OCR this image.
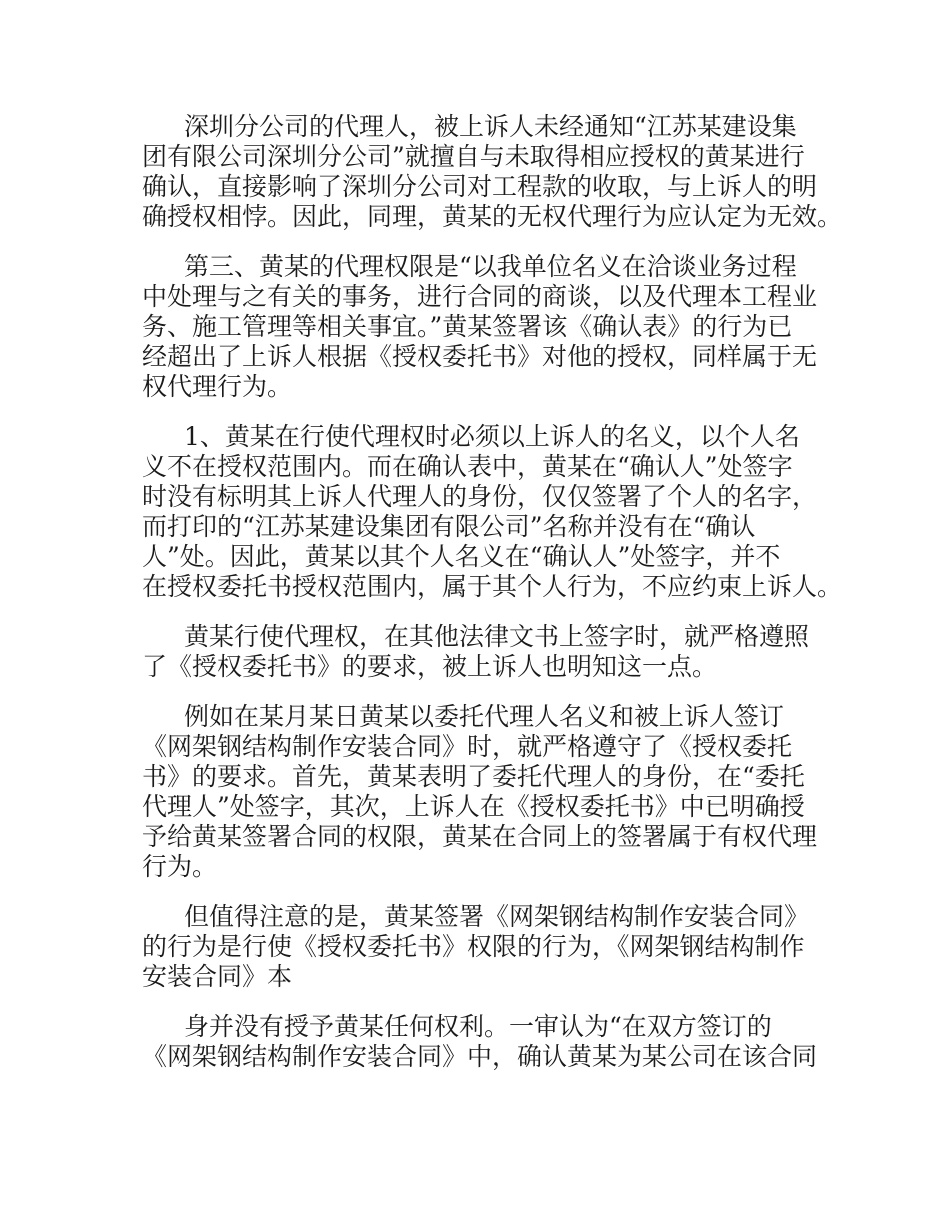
深圳分公司的代理人，被上诉人未经通知“江苏某建设集
团有限公司深圳分公司”就擅自与未取得相应授权的黄某进行
确认，直接影响了深圳分公司对工程款的收取，与上诉人的明
确授权相悖。因此，同理，黄某的无权代理行为应认定为无效。
第三、黄某的代理权限是“以我单位名义在洽谈业务过程
中处理与之有关的事务，进行合同的商谈，以及代理本工程业
务、施工管理等相关事宜。”黄某签署该《确认表》的行为已
经超出了上诉人根据《授权委托书》对他的授权，同样属于无
权代理行为。
1、黄某在行使代理权时必须以上诉人的名义，以个人名
义不在授权范围内。而在确认表中，黄某在“确认人”处签字
时没有标明其上诉人代理人的身份，仅仅签署了个人的名字，
而打印的“江苏某建设集团有限公司”名称并没有在“确认
人”处。因此，黄某以其个人名义在“确认人”处签字，并不
在授权委托书授权范围内，属于其个人行为，不应约束上诉人。
黄某行使代理权，在其他法律文书上签字时，就严格遵照
了《授权委托书》的要求，被上诉人也明知这一点。
例如在某月某日黄某以委托代理人名义和被上诉人签订
《网架钢结构制作安装合同》时，就严格遵守了《授权委托
书》的要求。首先，黄某表明了委托代理人的身份，在“委托
代理人”处签字，其次，上诉人在《授权委托书》中已明确授
予给黄某签署合同的权限，黄某在合同上的签署属于有权代理
行为。
但值得注意的是，黄某签署《网架钢结构制作安装合同》
的行为是行使《授权委托书》权限的行为，《网架钢结构制作
安装合同》本
身并没有授予黄某任何权利。一审认为“在双方签订的
《网架钢结构制作安装合同》中，确认黄某为某公司在该合同
